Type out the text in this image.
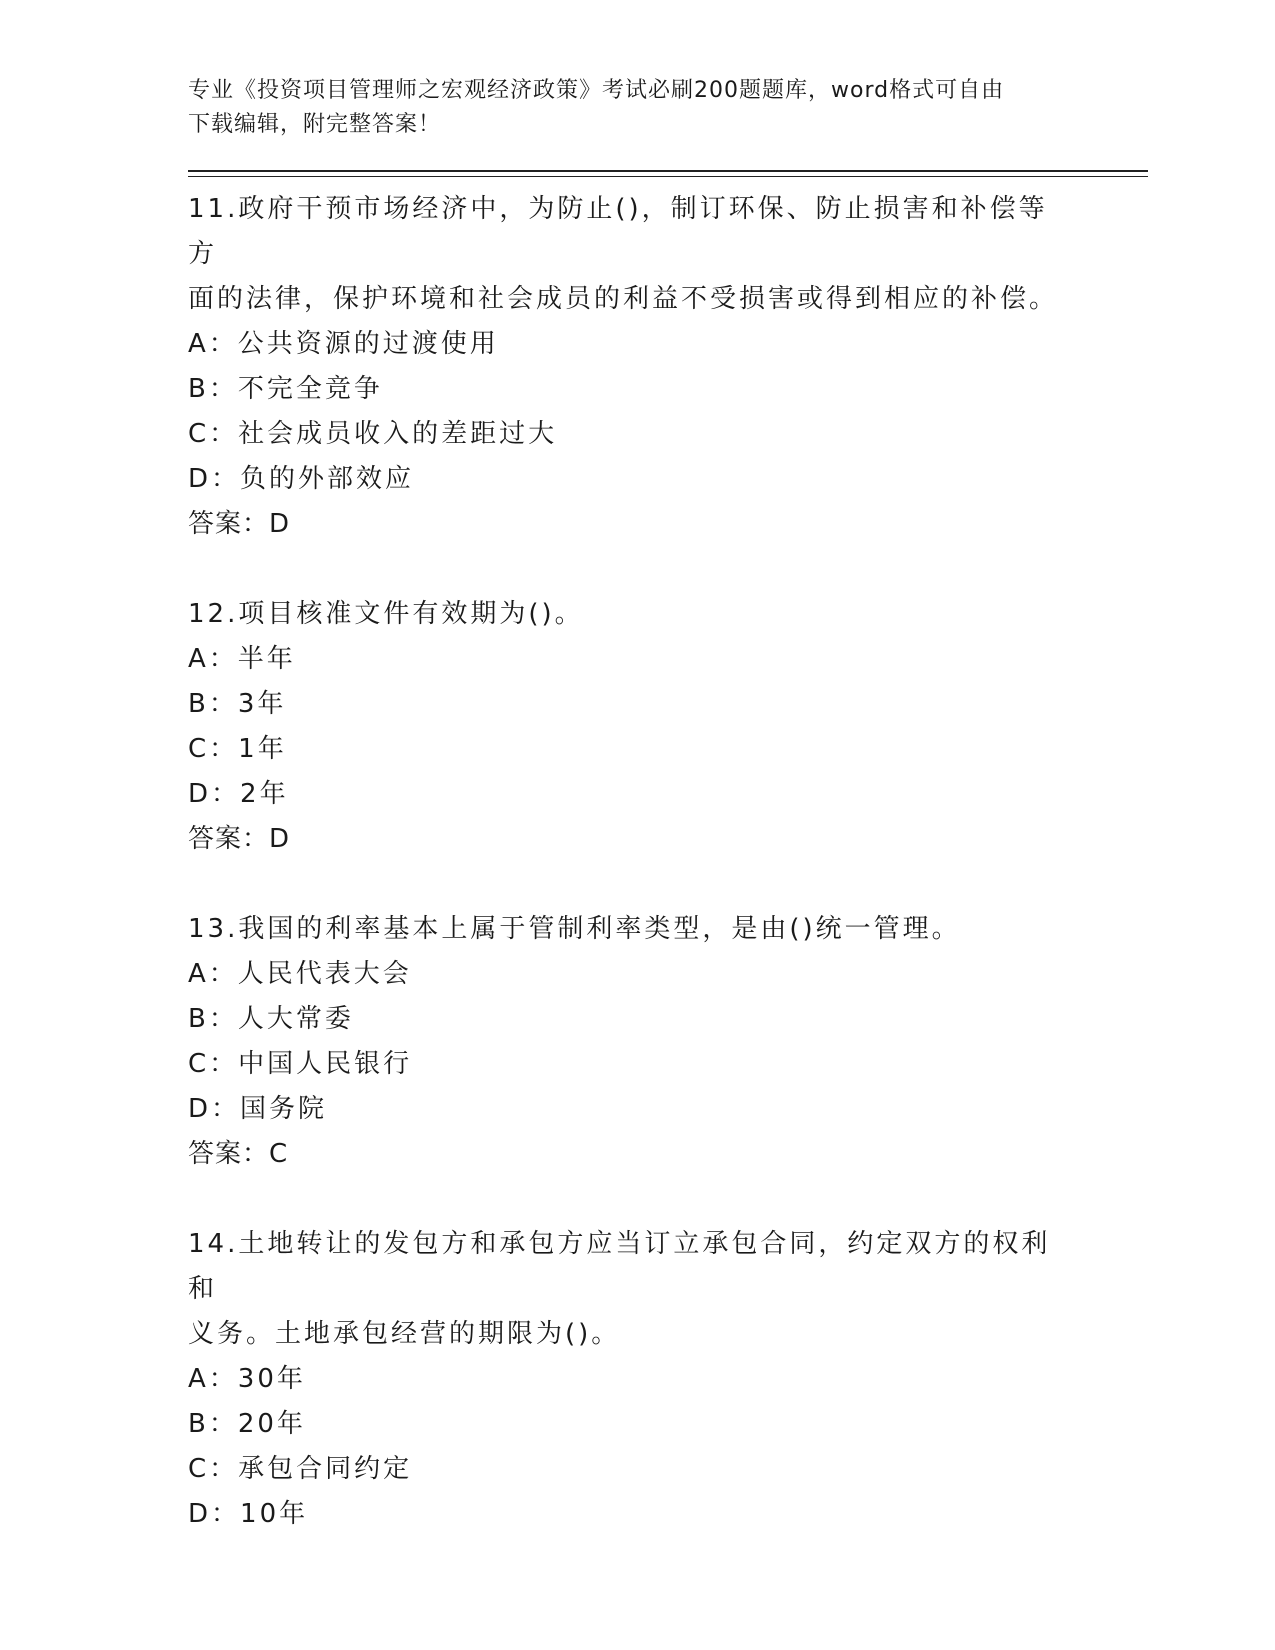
专业《投资项目管理师之宏观经济政策》考试必刷200题题库，word格式可自由
下载编辑，附完整答案！
11.政府干预市场经济中，为防止()，制订环保、防止损害和补偿等方
面的法律，保护环境和社会成员的利益不受损害或得到相应的补偿。
A：公共资源的过渡使用
B：不完全竞争
C：社会成员收入的差距过大
D：负的外部效应
答案：D
12.项目核准文件有效期为()。
A：半年
B：3年
C：1年
D：2年
答案：D
13.我国的利率基本上属于管制利率类型，是由()统一管理。
A：人民代表大会
B：人大常委
C：中国人民银行
D：国务院
答案：C
14.土地转让的发包方和承包方应当订立承包合同，约定双方的权利和
义务。土地承包经营的期限为()。
A：30年
B：20年
C：承包合同约定
D：10年
